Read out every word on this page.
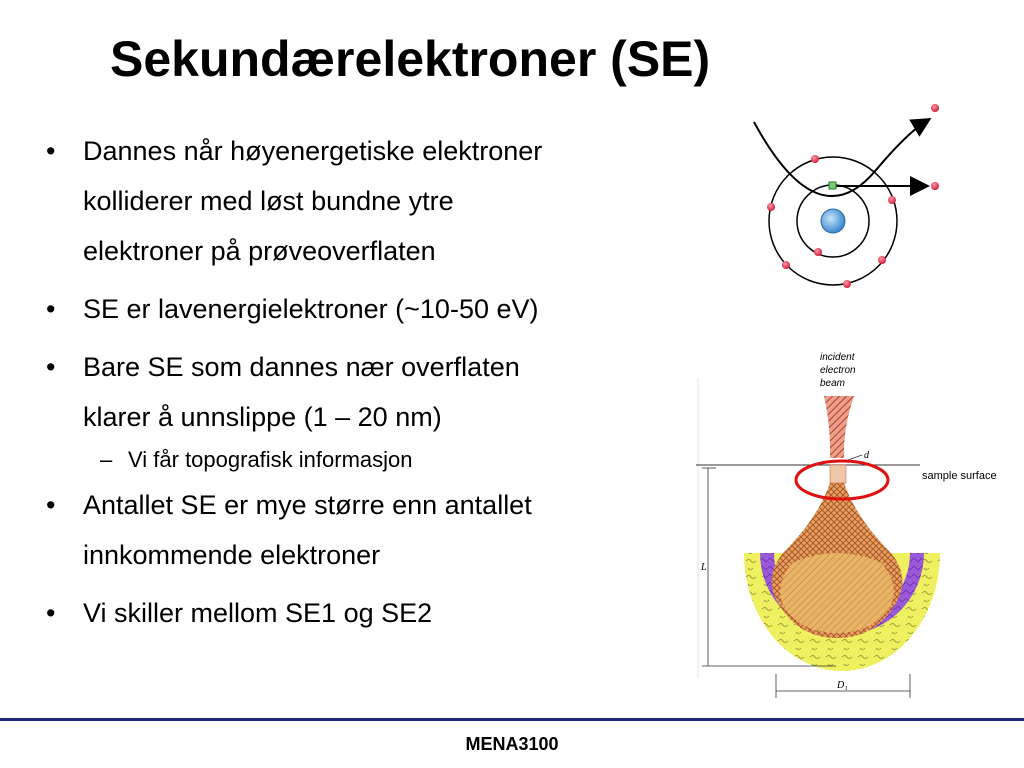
Sekundærelektroner (SE)
• Dannes når høyenergetiske elektroner
kolliderer med løst bundne ytre
elektroner på prøveoverflaten
• SE er lavenergielektroner (~10-50 eV)
• Bare SE som dannes nær overflaten
klarer å unnslippe (1 – 20 nm)
– Vi får topografisk informasjon
• Antallet SE er mye større enn antallet
innkommende elektroner
• Vi skiller mellom SE1 og SE2
incident
electron
beam
sample surface
d
L
D₁
MENA3100
